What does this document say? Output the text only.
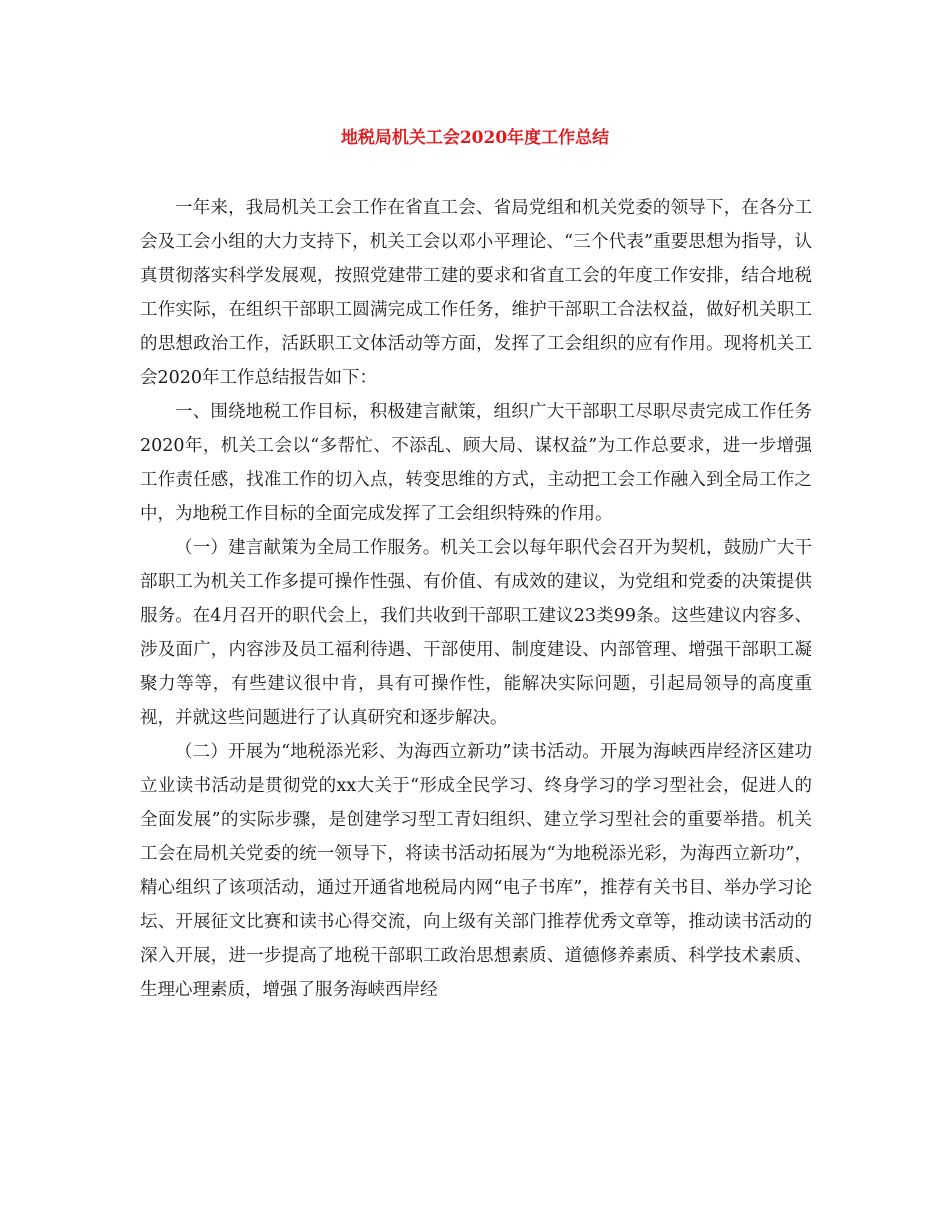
地税局机关工会2020年度工作总结

一年来，我局机关工会工作在省直工会、省局党组和机关党委的领导下，在各分工会及工会小组的大力支持下，机关工会以邓小平理论、“三个代表”重要思想为指导，认真贯彻落实科学发展观，按照党建带工建的要求和省直工会的年度工作安排，结合地税工作实际，在组织干部职工圆满完成工作任务，维护干部职工合法权益，做好机关职工的思想政治工作，活跃职工文体活动等方面，发挥了工会组织的应有作用。现将机关工会2020年工作总结报告如下：

一、围绕地税工作目标，积极建言献策，组织广大干部职工尽职尽责完成工作任务2020年，机关工会以“多帮忙、不添乱、顾大局、谋权益”为工作总要求，进一步增强工作责任感，找准工作的切入点，转变思维的方式，主动把工会工作融入到全局工作之中，为地税工作目标的全面完成发挥了工会组织特殊的作用。

（一）建言献策为全局工作服务。机关工会以每年职代会召开为契机，鼓励广大干部职工为机关工作多提可操作性强、有价值、有成效的建议，为党组和党委的决策提供服务。在4月召开的职代会上，我们共收到干部职工建议23类99条。这些建议内容多、涉及面广，内容涉及员工福利待遇、干部使用、制度建设、内部管理、增强干部职工凝聚力等等，有些建议很中肯，具有可操作性，能解决实际问题，引起局领导的高度重视，并就这些问题进行了认真研究和逐步解决。

（二）开展为“地税添光彩、为海西立新功”读书活动。开展为海峡西岸经济区建功立业读书活动是贯彻党的xx大关于“形成全民学习、终身学习的学习型社会，促进人的全面发展”的实际步骤，是创建学习型工青妇组织、建立学习型社会的重要举措。机关工会在局机关党委的统一领导下，将读书活动拓展为“为地税添光彩，为海西立新功”，精心组织了该项活动，通过开通省地税局内网“电子书库”，推荐有关书目、举办学习论坛、开展征文比赛和读书心得交流，向上级有关部门推荐优秀文章等，推动读书活动的深入开展，进一步提高了地税干部职工政治思想素质、道德修养素质、科学技术素质、生理心理素质，增强了服务海峡西岸经
